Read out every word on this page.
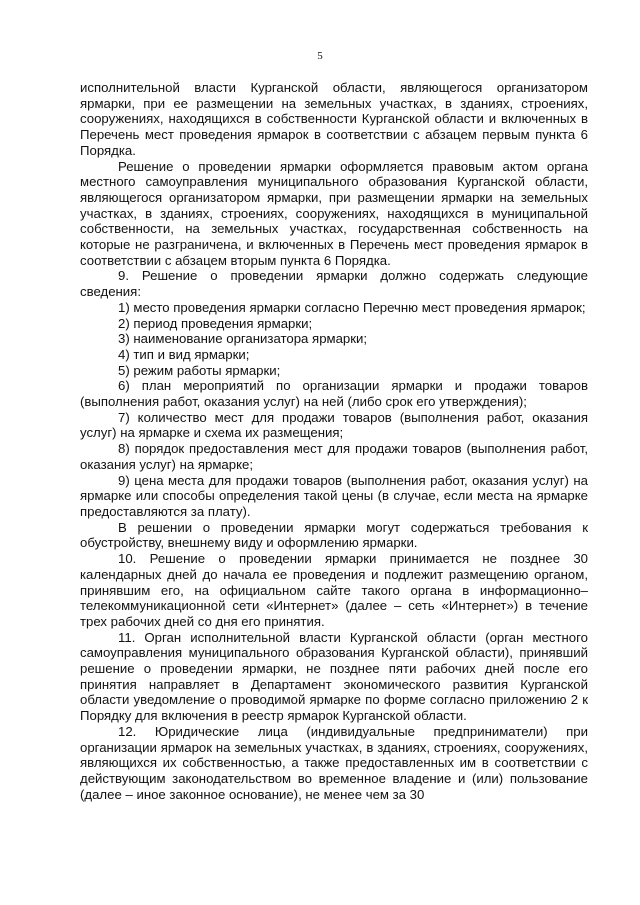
5

исполнительной власти Курганской области, являющегося организатором ярмарки, при ее размещении на земельных участках, в зданиях, строениях, сооружениях, находящихся в собственности Курганской области и включенных в Перечень мест проведения ярмарок в соответствии с абзацем первым пункта 6 Порядка.

Решение о проведении ярмарки оформляется правовым актом органа местного самоуправления муниципального образования Курганской области, являющегося организатором ярмарки, при размещении ярмарки на земельных участках, в зданиях, строениях, сооружениях, находящихся в муниципальной собственности, на земельных участках, государственная собственность на которые не разграничена, и включенных в Перечень мест проведения ярмарок в соответствии с абзацем вторым пункта 6 Порядка.

9. Решение о проведении ярмарки должно содержать следующие сведения:

1) место проведения ярмарки согласно Перечню мест проведения ярмарок;

2) период проведения ярмарки;

3) наименование организатора ярмарки;

4) тип и вид ярмарки;

5) режим работы ярмарки;

6) план мероприятий по организации ярмарки и продажи товаров (выполнения работ, оказания услуг) на ней (либо срок его утверждения);

7) количество мест для продажи товаров (выполнения работ, оказания услуг) на ярмарке и схема их размещения;

8) порядок предоставления мест для продажи товаров (выполнения работ, оказания услуг) на ярмарке;

9) цена места для продажи товаров (выполнения работ, оказания услуг) на ярмарке или способы определения такой цены (в случае, если места на ярмарке предоставляются за плату).

В решении о проведении ярмарки могут содержаться требования к обустройству, внешнему виду и оформлению ярмарки.

10. Решение о проведении ярмарки принимается не позднее 30 календарных дней до начала ее проведения и подлежит размещению органом, принявшим его, на официальном сайте такого органа в информационно–телекоммуникационной сети «Интернет» (далее – сеть «Интернет») в течение трех рабочих дней со дня его принятия.

11. Орган исполнительной власти Курганской области (орган местного самоуправления муниципального образования Курганской области), принявший решение о проведении ярмарки, не позднее пяти рабочих дней после его принятия направляет в Департамент экономического развития Курганской области уведомление о проводимой ярмарке по форме согласно приложению 2 к Порядку для включения в реестр ярмарок Курганской области.

12. Юридические лица (индивидуальные предприниматели) при организации ярмарок на земельных участках, в зданиях, строениях, сооружениях, являющихся их собственностью, а также предоставленных им в соответствии с действующим законодательством во временное владение и (или) пользование (далее – иное законное основание), не менее чем за 30
